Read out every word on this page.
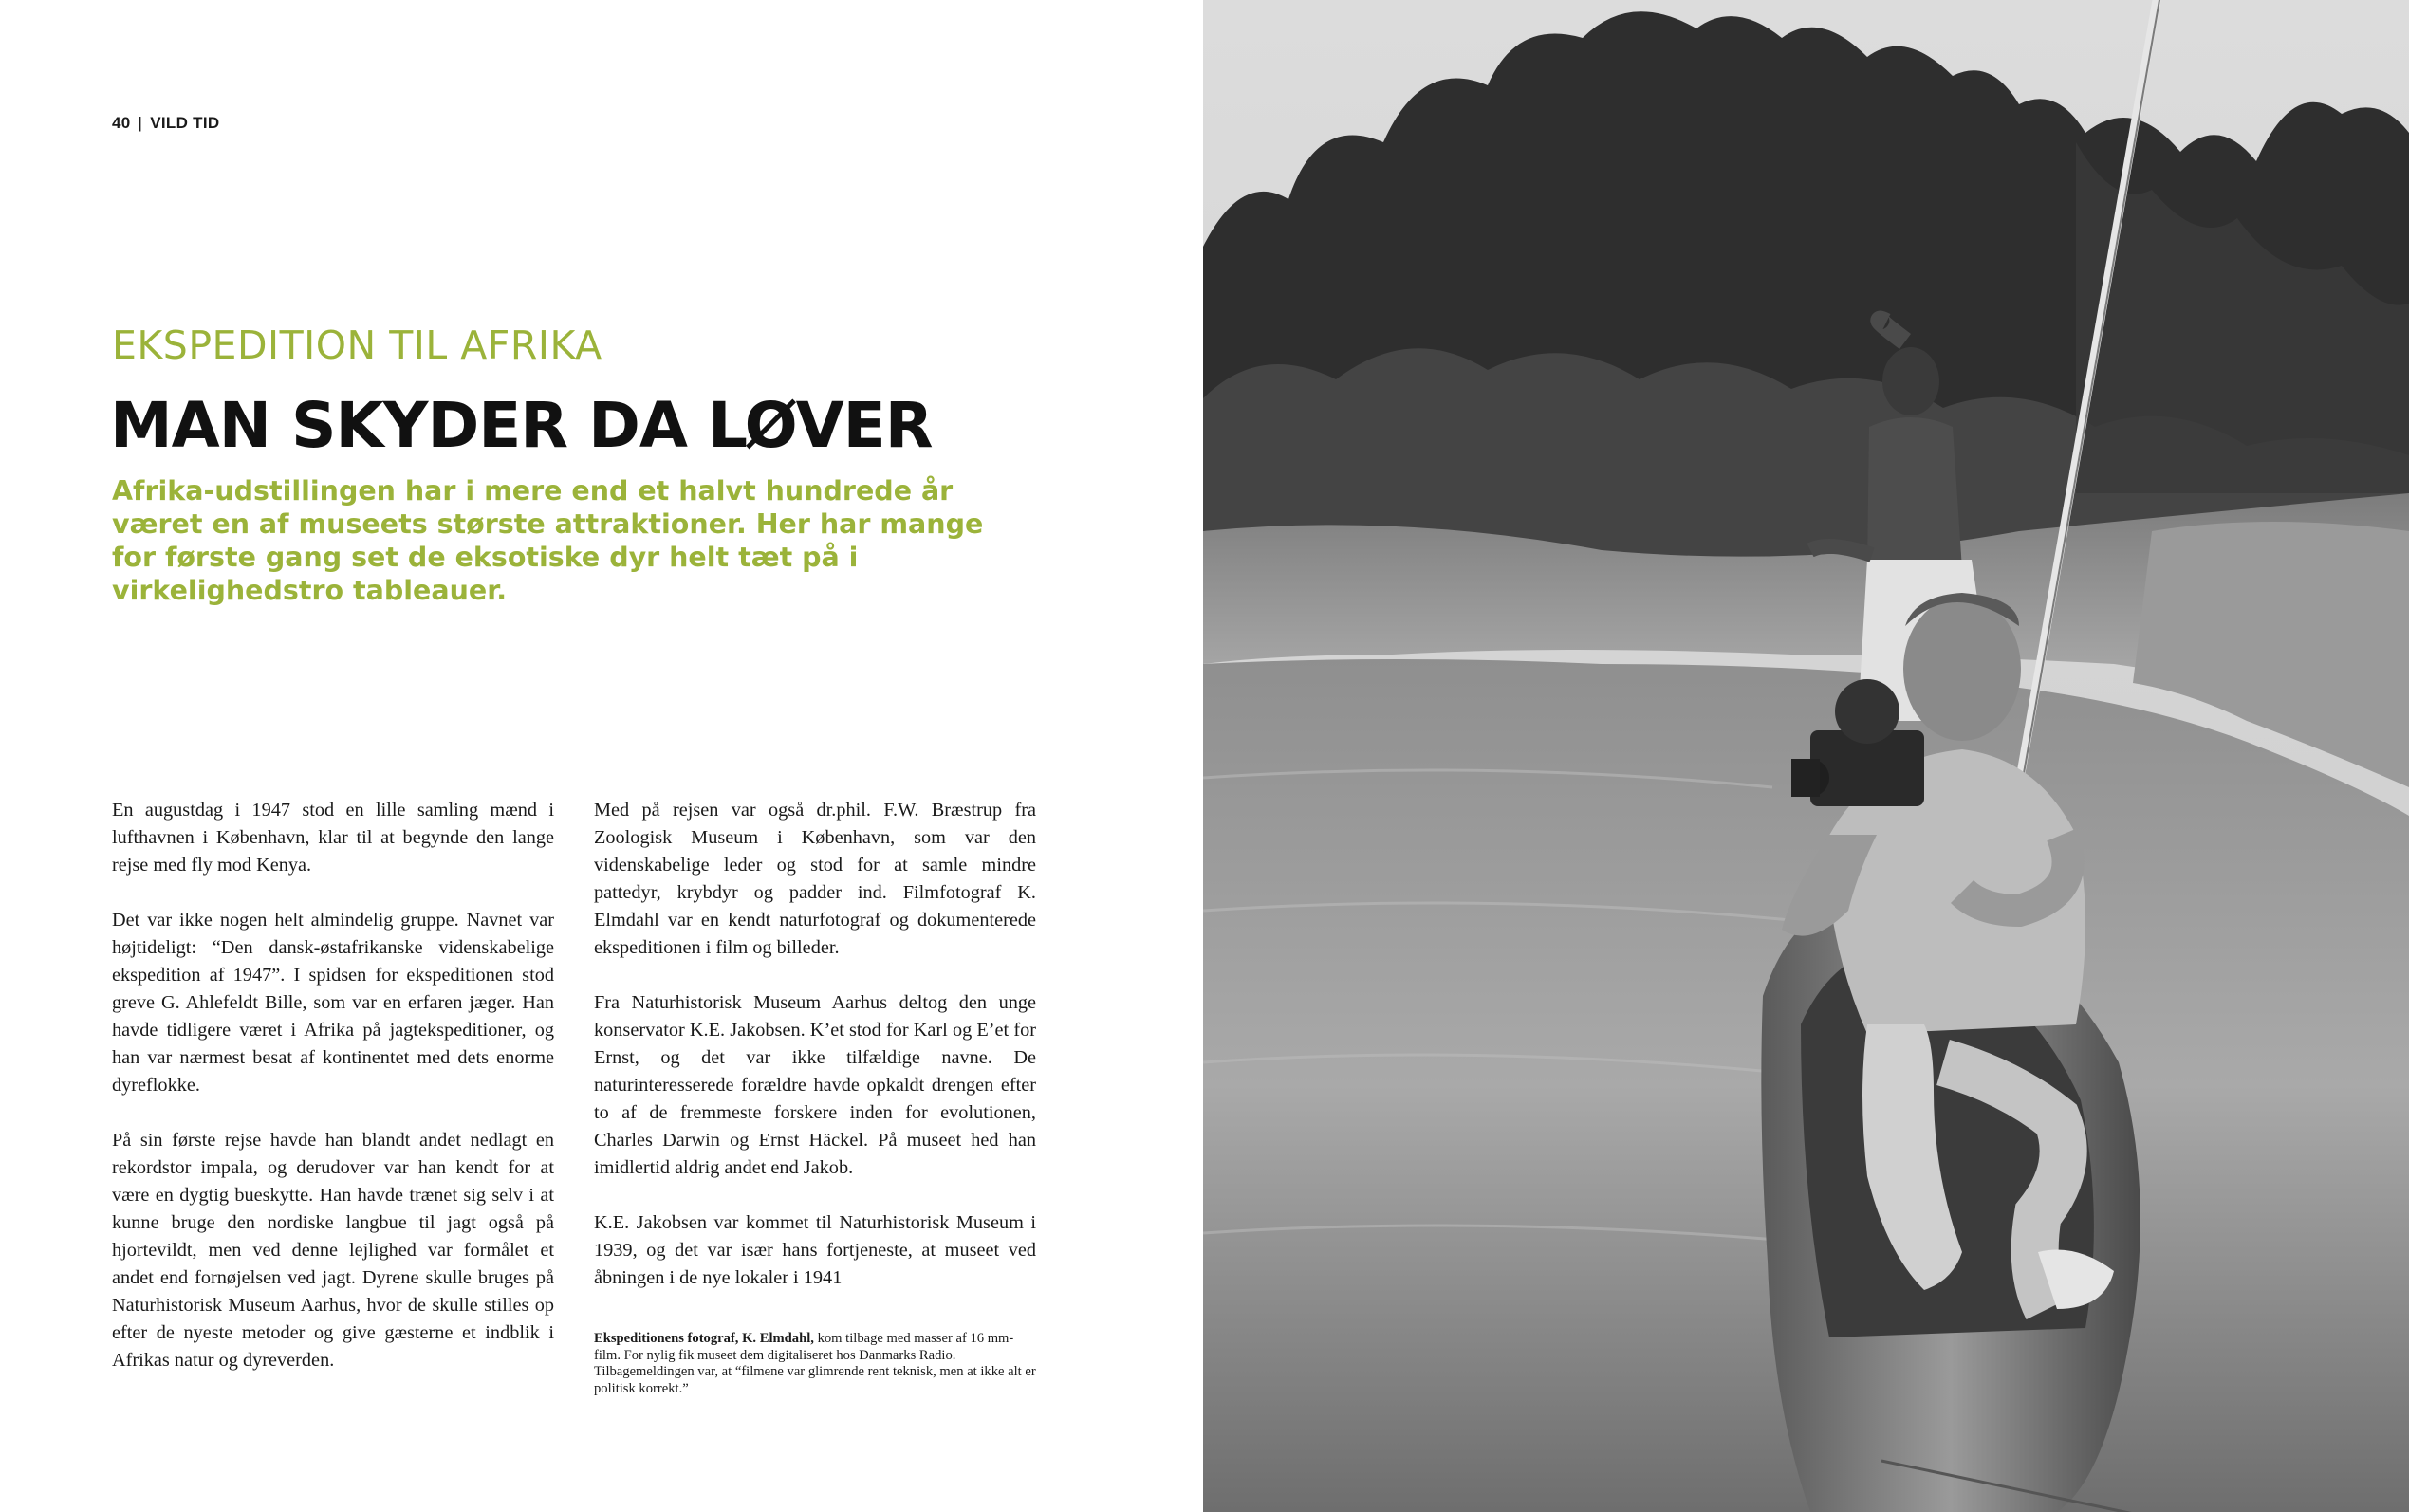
40 | VILD TID
EKSPEDITION TIL AFRIKA
MAN SKYDER DA LØVER
Afrika-udstillingen har i mere end et halvt hundrede år været en af museets største attraktioner. Her har mange for første gang set de eksotiske dyr helt tæt på i virkelighedstro tableauer.

En augustdag i 1947 stod en lille samling mænd i lufthavnen i København, klar til at begynde den lange rejse med fly mod Kenya.

Det var ikke nogen helt almindelig gruppe. Navnet var højtideligt: “Den dansk-østafrikanske videnskabelige ekspedition af 1947”. I spidsen for ekspeditionen stod greve G. Ahlefeldt Bille, som var en erfaren jæger. Han havde tidligere været i Afrika på jagtekspeditioner, og han var nærmest besat af kontinentet med dets enorme dyreflokke.

På sin første rejse havde han blandt andet nedlagt en rekordstor impala, og derudover var han kendt for at være en dygtig bueskytte. Han havde trænet sig selv i at kunne bruge den nordiske langbue til jagt også på hjortevildt, men ved denne lejlighed var formålet et andet end fornøjelsen ved jagt. Dyrene skulle bruges på Naturhistorisk Museum Aarhus, hvor de skulle stilles op efter de nyeste metoder og give gæsterne et indblik i Afrikas natur og dyreverden.

Med på rejsen var også dr.phil. F.W. Bræstrup fra Zoologisk Museum i København, som var den videnskabelige leder og stod for at samle mindre pattedyr, krybdyr og padder ind. Filmfotograf K. Elmdahl var en kendt naturfotograf og dokumenterede ekspeditionen i film og billeder.

Fra Naturhistorisk Museum Aarhus deltog den unge konservator K.E. Jakobsen. K’et stod for Karl og E’et for Ernst, og det var ikke tilfældige navne. De naturinteresserede forældre havde opkaldt drengen efter to af de fremmeste forskere inden for evolutionen, Charles Darwin og Ernst Häckel. På museet hed han imidlertid aldrig andet end Jakob.

K.E. Jakobsen var kommet til Naturhistorisk Museum i 1939, og det var især hans fortjeneste, at museet ved åbningen i de nye lokaler i 1941

Ekspeditionens fotograf, K. Elmdahl, kom tilbage med masser af 16 mm-film. For nylig fik museet dem digitaliseret hos Danmarks Radio. Tilbagemeldingen var, at “filmene var glimrende rent teknisk, men at ikke alt er politisk korrekt.”
